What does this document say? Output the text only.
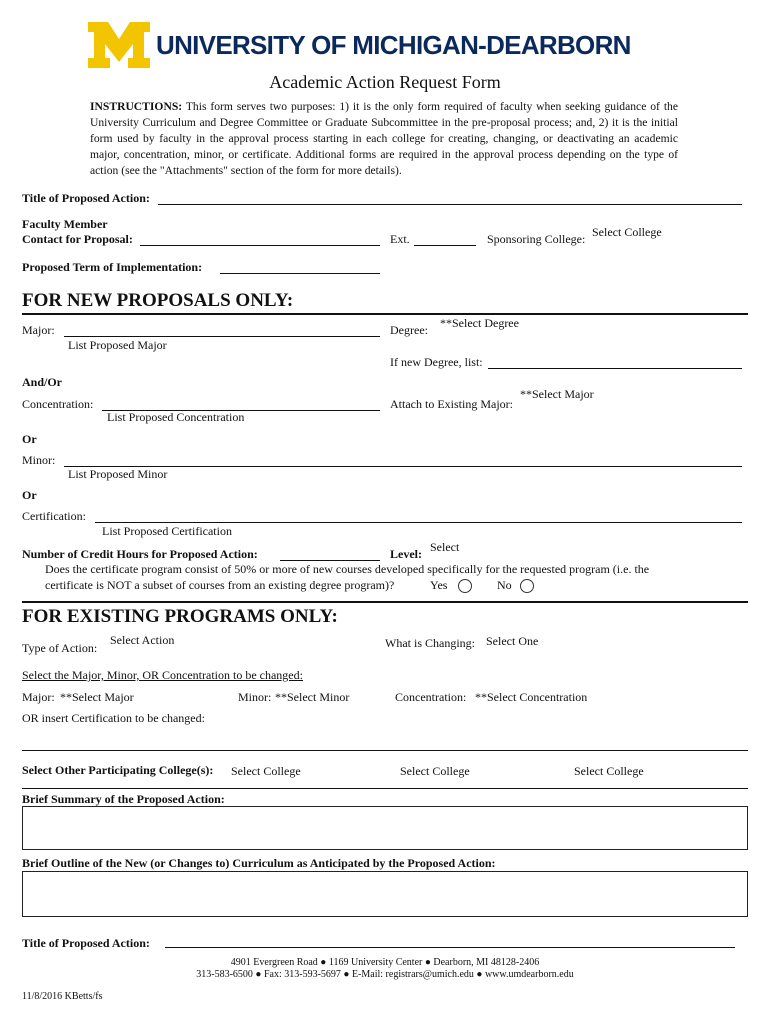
UNIVERSITY OF MICHIGAN-DEARBORN
Academic Action Request Form
INSTRUCTIONS: This form serves two purposes: 1) it is the only form required of faculty when seeking guidance of the University Curriculum and Degree Committee or Graduate Subcommittee in the pre-proposal process; and, 2) it is the initial form used by faculty in the approval process starting in each college for creating, changing, or deactivating an academic major, concentration, minor, or certificate. Additional forms are required in the approval process depending on the type of action (see the "Attachments" section of the form for more details).
Title of Proposed Action:
Faculty Member
Contact for Proposal:	Ext.	Sponsoring College: Select College
Proposed Term of Implementation:
FOR NEW PROPOSALS ONLY:
Major:
List Proposed Major
Degree: **Select Degree
If new Degree, list:
And/Or
Concentration:
List Proposed Concentration
Attach to Existing Major:
**Select Major
Or
Minor:
List Proposed Minor
Or
Certification:
List Proposed Certification
Number of Credit Hours for Proposed Action:	Level: Select
Does the certificate program consist of 50% or more of new courses developed specifically for the requested program (i.e. the
certificate is NOT a subset of courses from an existing degree program)?	Yes	No
FOR EXISTING PROGRAMS ONLY:
Type of Action:
Select Action	What is Changing: Select One
Select the Major, Minor, OR Concentration to be changed:
Major: **Select Major	Minor: **Select Minor	Concentration: **Select Concentration
OR insert Certification to be changed:
Select Other Participating College(s): Select College	Select College	Select College
Brief Summary of the Proposed Action:
Brief Outline of the New (or Changes to) Curriculum as Anticipated by the Proposed Action:
Title of Proposed Action:
4901 Evergreen Road ● 1169 University Center ● Dearborn, MI 48128-2406
313-583-6500 ● Fax: 313-593-5697 ● E-Mail: registrars@umich.edu ● www.umdearborn.edu
11/8/2016 KBetts/fs
